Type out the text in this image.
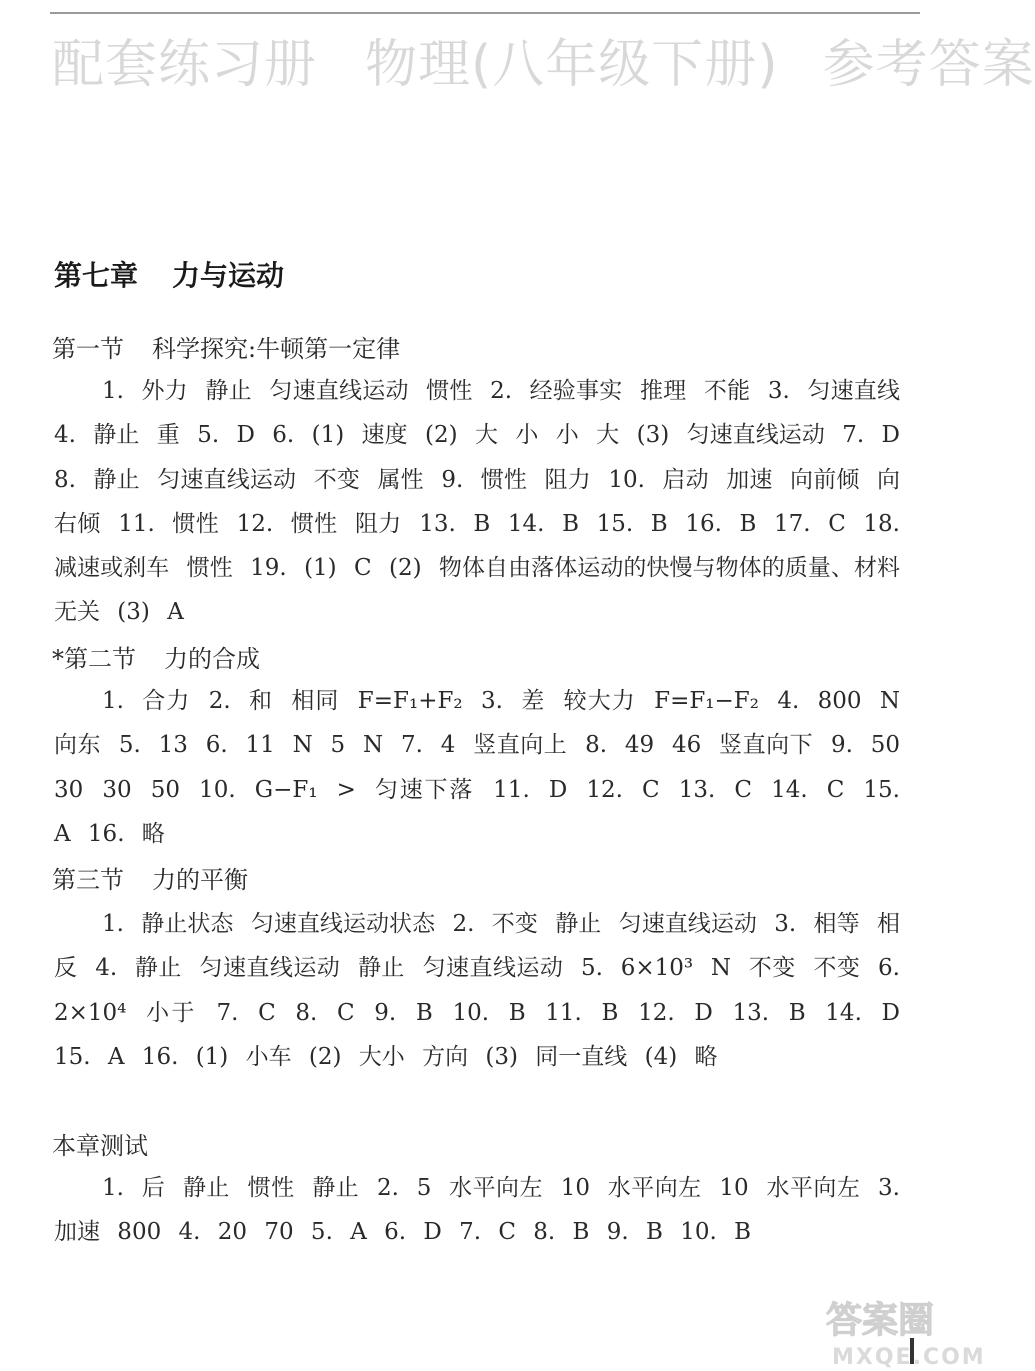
配套练习册 物理(八年级下册) 参考答案
第七章 力与运动
第一节 科学探究:牛顿第一定律

1. 外力 静止 匀速直线运动 惯性 2. 经验事实 推理 不能 3. 匀速直线 4. 静止 重 5. D 6. (1) 速度 (2) 大 小 小 大 (3) 匀速直线运动 7. D 8. 静止 匀速直线运动 不变 属性 9. 惯性 阻力 10. 启动 加速 向前倾 向右倾 11. 惯性 12. 惯性 阻力 13. B 14. B 15. B 16. B 17. C 18. 减速或刹车 惯性 19. (1) C (2) 物体自由落体运动的快慢与物体的质量、材料无关 (3) A

*第二节 力的合成

1. 合力 2. 和 相同 F=F₁+F₂ 3. 差 较大力 F=F₁−F₂ 4. 800 N 向东 5. 13 6. 11 N 5 N 7. 4 竖直向上 8. 49 46 竖直向下 9. 50 30 30 50 10. G−F₁ > 匀速下落 11. D 12. C 13. C 14. C 15. A 16. 略

第三节 力的平衡

1. 静止状态 匀速直线运动状态 2. 不变 静止 匀速直线运动 3. 相等 相反 4. 静止 匀速直线运动 静止 匀速直线运动 5. 6×10³ N 不变 不变 6. 2×10⁴ 小于 7. C 8. C 9. B 10. B 11. B 12. D 13. B 14. D 15. A 16. (1) 小车 (2) 大小 方向 (3) 同一直线 (4) 略

本章测试

1. 后 静止 惯性 静止 2. 5 水平向左 10 水平向左 10 水平向左 3. 加速 800 4. 20 70 5. A 6. D 7. C 8. B 9. B 10. B

答案圈
MXQE.COM
